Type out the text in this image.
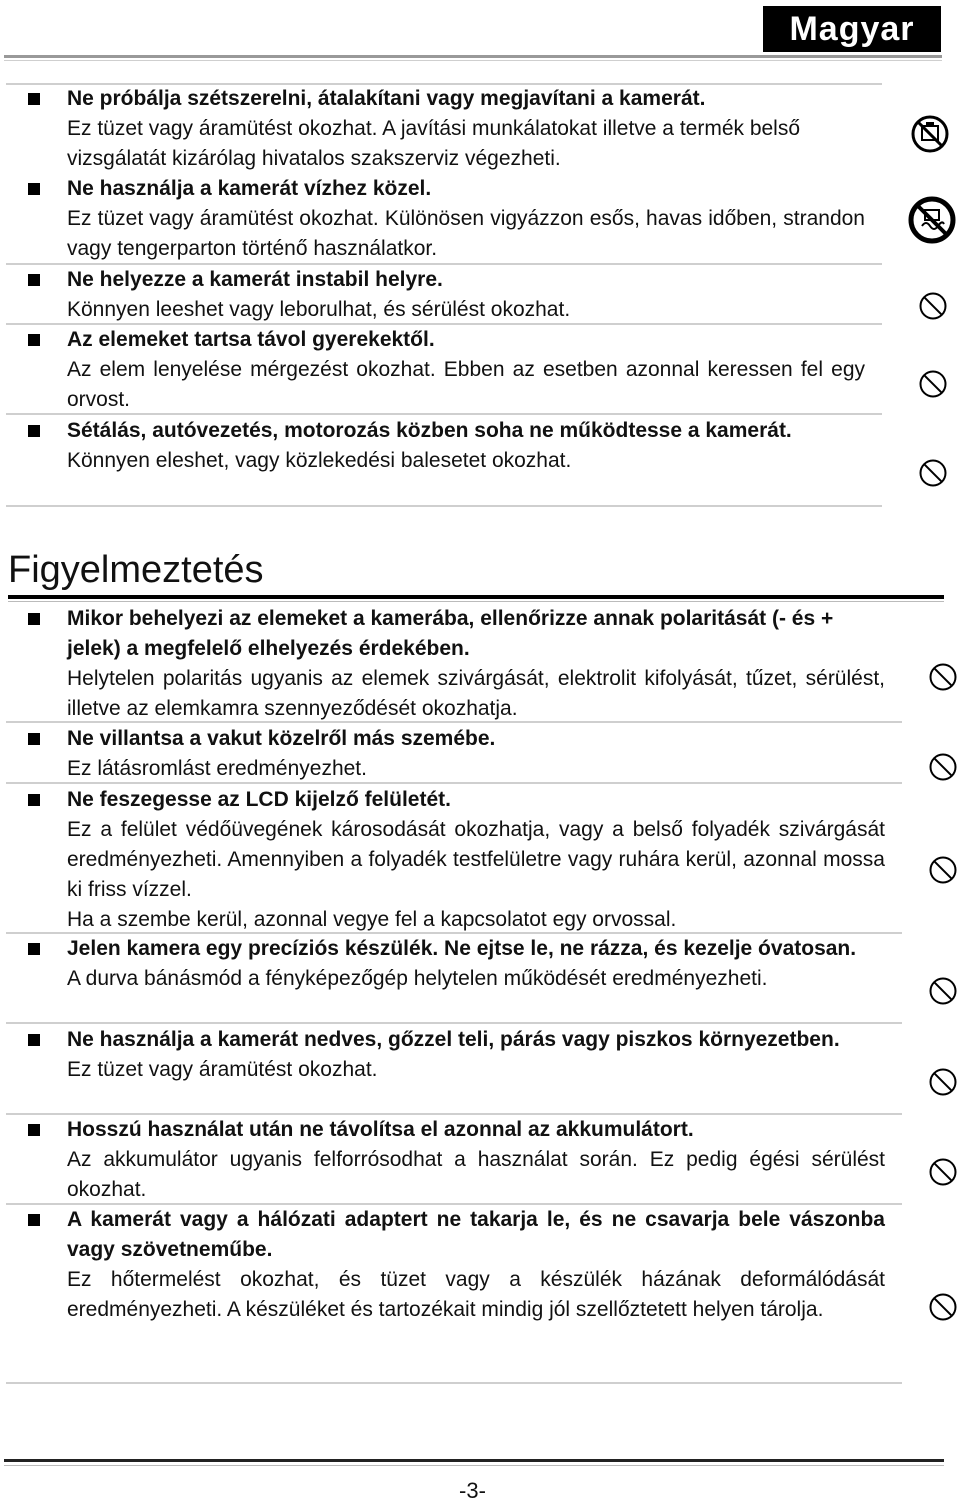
Magyar

Ne próbálja szétszerelni, átalakítani vagy megjavítani a kamerát.

Ez tüzet vagy áramütést okozhat. A javítási munkálatokat illetve a termék belső vizsgálatát kizárólag hivatalos szakszerviz végezheti.

Ne használja a kamerát vízhez közel.

Ez tüzet vagy áramütést okozhat. Különösen vigyázzon esős, havas időben, strandon vagy tengerparton történő használatkor.

Ne helyezze a kamerát instabil helyre.

Könnyen leeshet vagy leborulhat, és sérülést okozhat.

Az elemeket tartsa távol gyerekektől.

Az elem lenyelése mérgezést okozhat. Ebben az esetben azonnal keressen fel egy orvost.

Sétálás, autóvezetés, motorozás közben soha ne működtesse a kamerát.

Könnyen eleshet, vagy közlekedési balesetet okozhat.

Figyelmeztetés

Mikor behelyezi az elemeket a kamerába, ellenőrizze annak polaritását (- és + jelek) a megfelelő elhelyezés érdekében.

Helytelen polaritás ugyanis az elemek szivárgását, elektrolit kifolyását, tűzet, sérülést, illetve az elemkamra szennyeződését okozhatja.

Ne villantsa a vakut közelről más szemébe.

Ez látásromlást eredményezhet.

Ne feszegesse az LCD kijelző felületét.

Ez a felület védőüvegének károsodását okozhatja, vagy a belső folyadék szivárgását eredményezheti. Amennyiben a folyadék testfelületre vagy ruhára kerül, azonnal mossa ki friss vízzel.

Ha a szembe kerül, azonnal vegye fel a kapcsolatot egy orvossal.

Jelen kamera egy precíziós készülék. Ne ejtse le, ne rázza, és kezelje óvatosan.

A durva bánásmód a fényképezőgép helytelen működését eredményezheti.

Ne használja a kamerát nedves, gőzzel teli, párás vagy piszkos környezetben.

Ez tüzet vagy áramütést okozhat.

Hosszú használat után ne távolítsa el azonnal az akkumulátort.

Az akkumulátor ugyanis felforrósodhat a használat során. Ez pedig égési sérülést okozhat.

A kamerát vagy a hálózati adaptert ne takarja le, és ne csavarja bele vászonba vagy szövetneműbe.

Ez hőtermelést okozhat, és tüzet vagy a készülék házának deformálódását eredményezheti. A készüléket és tartozékait mindig jól szellőztetett helyen tárolja.

-3-
